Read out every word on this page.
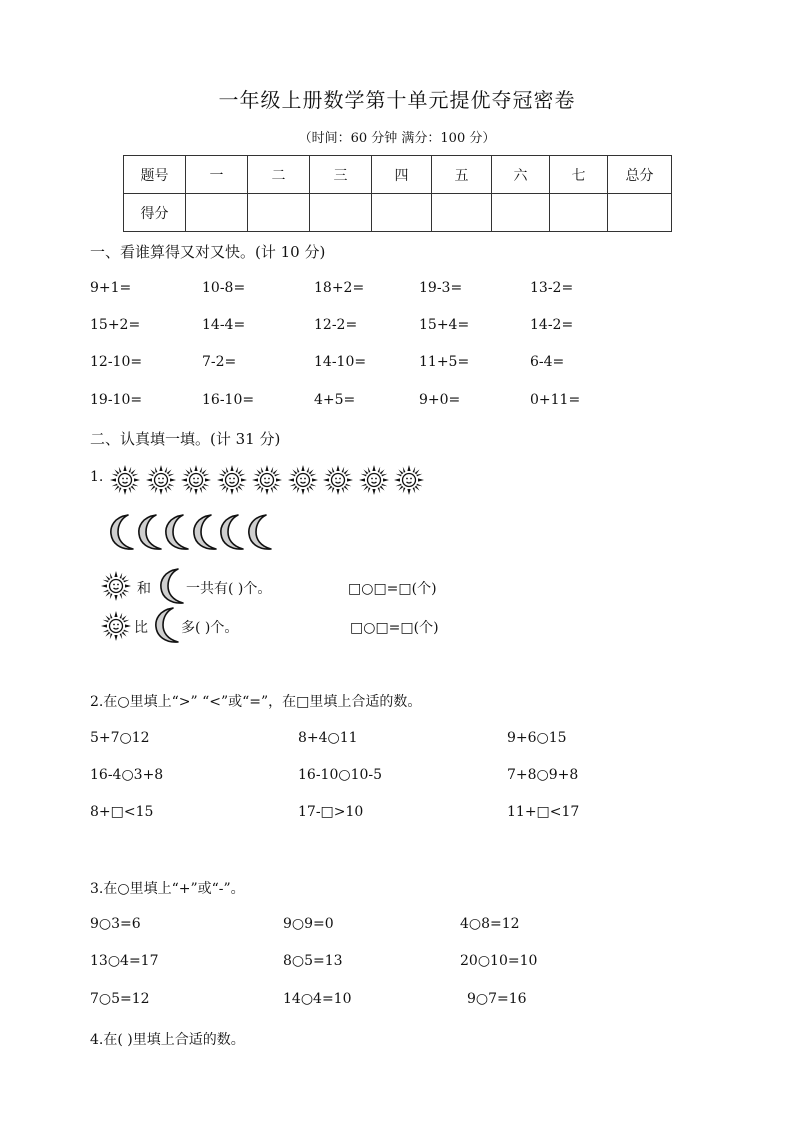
一年级上册数学第十单元提优夺冠密卷
（时间：60 分钟 满分：100 分）
题号	一	二	三	四	五	六	七	总分
得分								
一、看谁算得又对又快。(计 10 分)
9+1=	10-8=	18+2=	19-3=	13-2=
15+2=	14-4=	12-2=	15+4=	14-2=
12-10=	7-2=	14-10=	11+5=	6-4=
19-10=	16-10=	4+5=	9+0=	0+11=
二、认真填一填。(计 31 分)
1.
和	一共有( )个。	□○□=□(个)
比 多( )个。	□○□=□(个)
2.在○里填上“>” “<”或“=”，在□里填上合适的数。
5+7○12	8+4○11	9+6○15
16-4○3+8	16-10○10-5	7+8○9+8
8+□<15	17-□>10	11+□<17
3.在○里填上“+”或“-”。
9○3=6	9○9=0	4○8=12
13○4=17	8○5=13	20○10=10
7○5=12	14○4=10	9○7=16
4.在( )里填上合适的数。
